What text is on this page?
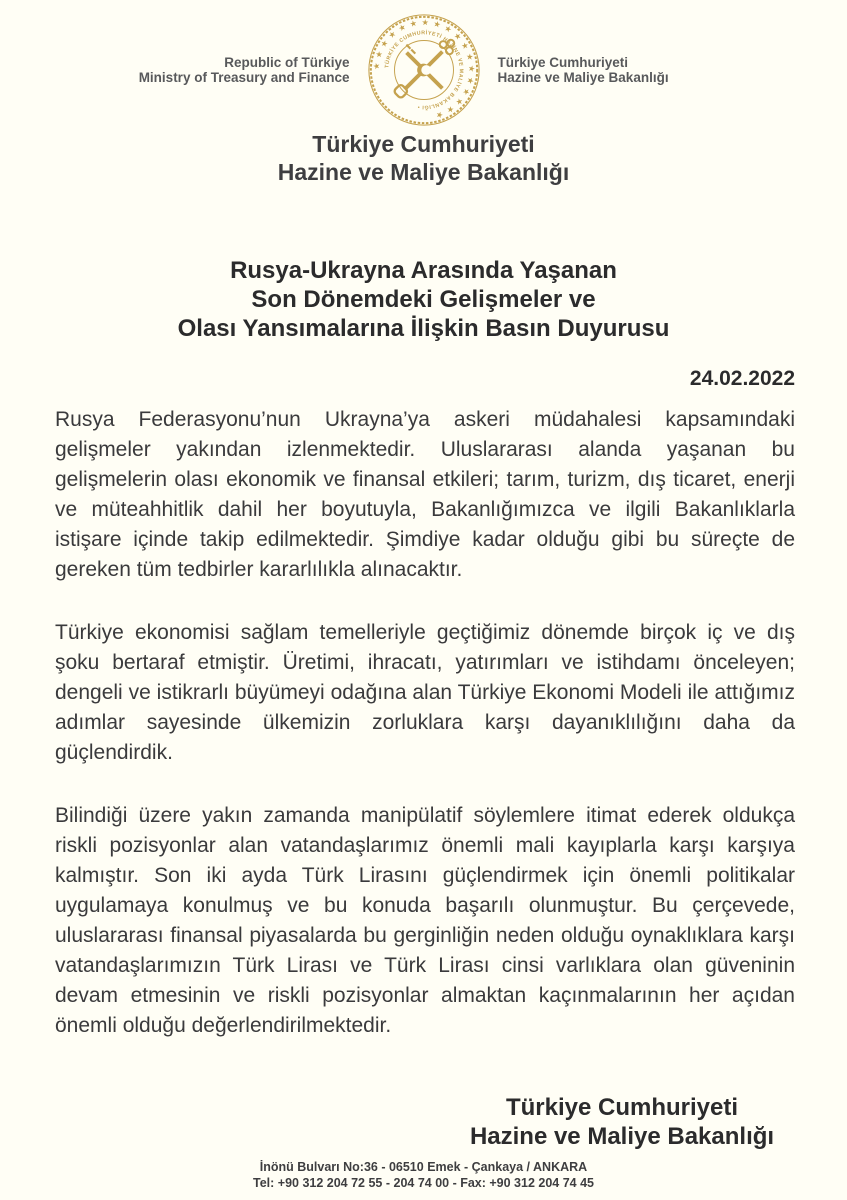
Republic of Türkiye
Ministry of Treasury and Finance
★ ★ ★ ★ ★ ★ ★ ★ ★ ★ ★ ★ ★ ★ ★ ★ ★ ★ 
TÜRKİYE CUMHURİYETİ HAZİNE VE MALİYE BAKANLIĞI •
Türkiye Cumhuriyeti
Hazine ve Maliye Bakanlığı
Türkiye Cumhuriyeti
Hazine ve Maliye Bakanlığı
Rusya-Ukrayna Arasında Yaşanan
Son Dönemdeki Gelişmeler ve
Olası Yansımalarına İlişkin Basın Duyurusu
24.02.2022

Rusya Federasyonu’nun Ukrayna’ya askeri müdahalesi kapsamındaki gelişmeler yakından izlenmektedir. Uluslararası alanda yaşanan bu gelişmelerin olası ekonomik ve finansal etkileri; tarım, turizm, dış ticaret, enerji ve müteahhitlik dahil her boyutuyla, Bakanlığımızca ve ilgili Bakanlıklarla istişare içinde takip edilmektedir. Şimdiye kadar olduğu gibi bu süreçte de gereken tüm tedbirler kararlılıkla alınacaktır.

Türkiye ekonomisi sağlam temelleriyle geçtiğimiz dönemde birçok iç ve dış şoku bertaraf etmiştir. Üretimi, ihracatı, yatırımları ve istihdamı önceleyen; dengeli ve istikrarlı büyümeyi odağına alan Türkiye Ekonomi Modeli ile attığımız adımlar sayesinde ülkemizin zorluklara karşı dayanıklılığını daha da güçlendirdik.

Bilindiği üzere yakın zamanda manipülatif söylemlere itimat ederek oldukça riskli pozisyonlar alan vatandaşlarımız önemli mali kayıplarla karşı karşıya kalmıştır. Son iki ayda Türk Lirasını güçlendirmek için önemli politikalar uygulamaya konulmuş ve bu konuda başarılı olunmuştur. Bu çerçevede, uluslararası finansal piyasalarda bu gerginliğin neden olduğu oynaklıklara karşı vatandaşlarımızın Türk Lirası ve Türk Lirası cinsi varlıklara olan güveninin devam etmesinin ve riskli pozisyonlar almaktan kaçınmalarının her açıdan önemli olduğu değerlendirilmektedir.

Türkiye Cumhuriyeti
Hazine ve Maliye Bakanlığı
İnönü Bulvarı No:36 - 06510 Emek - Çankaya / ANKARA
Tel: +90 312 204 72 55 - 204 74 00 - Fax: +90 312 204 74 45
